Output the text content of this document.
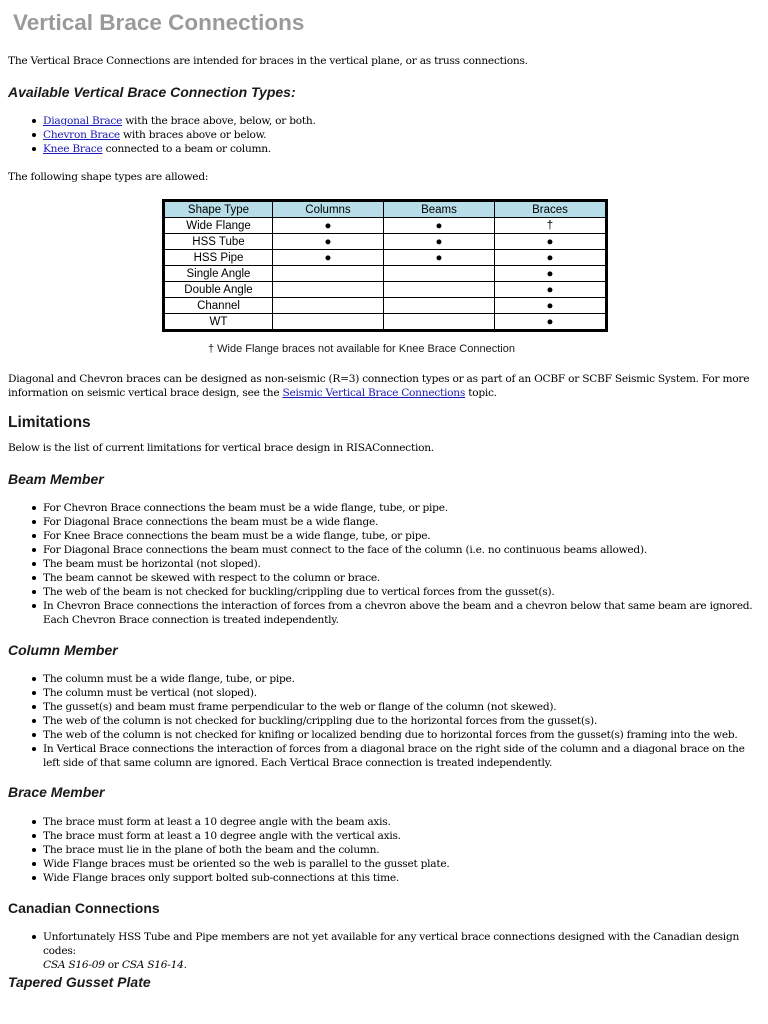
Vertical Brace Connections
The Vertical Brace Connections are intended for braces in the vertical plane, or as truss connections.
Available Vertical Brace Connection Types:
Diagonal Brace with the brace above, below, or both.
Chevron Brace with braces above or below.
Knee Brace connected to a beam or column.
The following shape types are allowed:
Shape Type	Columns	Beams	Braces
Wide Flange	●	●	†
HSS Tube	●	●	●
HSS Pipe	●	●	●
Single Angle			●
Double Angle			●
Channel			●
WT			●
† Wide Flange braces not available for Knee Brace Connection
Diagonal and Chevron braces can be designed as non-seismic (R=3) connection types or as part of an OCBF or SCBF Seismic System. For more
information on seismic vertical brace design, see the Seismic Vertical Brace Connections topic.
Limitations
Below is the list of current limitations for vertical brace design in RISAConnection.
Beam Member
For Chevron Brace connections the beam must be a wide flange, tube, or pipe.
For Diagonal Brace connections the beam must be a wide flange.
For Knee Brace connections the beam must be a wide flange, tube, or pipe.
For Diagonal Brace connections the beam must connect to the face of the column (i.e. no continuous beams allowed).
The beam must be horizontal (not sloped).
The beam cannot be skewed with respect to the column or brace.
The web of the beam is not checked for buckling/crippling due to vertical forces from the gusset(s).
In Chevron Brace connections the interaction of forces from a chevron above the beam and a chevron below that same beam are ignored. Each Chevron Brace connection is treated independently.
Column Member
The column must be a wide flange, tube, or pipe.
The column must be vertical (not sloped).
The gusset(s) and beam must frame perpendicular to the web or flange of the column (not skewed).
The web of the column is not checked for buckling/crippling due to the horizontal forces from the gusset(s).
The web of the column is not checked for knifing or localized bending due to horizontal forces from the gusset(s) framing into the web.
In Vertical Brace connections the interaction of forces from a diagonal brace on the right side of the column and a diagonal brace on the left side of that same column are ignored. Each Vertical Brace connection is treated independently.
Brace Member
The brace must form at least a 10 degree angle with the beam axis.
The brace must form at least a 10 degree angle with the vertical axis.
The brace must lie in the plane of both the beam and the column.
Wide Flange braces must be oriented so the web is parallel to the gusset plate.
Wide Flange braces only support bolted sub-connections at this time.
Canadian Connections
Unfortunately HSS Tube and Pipe members are not yet available for any vertical brace connections designed with the Canadian design codes:
CSA S16-09 or CSA S16-14.
Tapered Gusset Plate
